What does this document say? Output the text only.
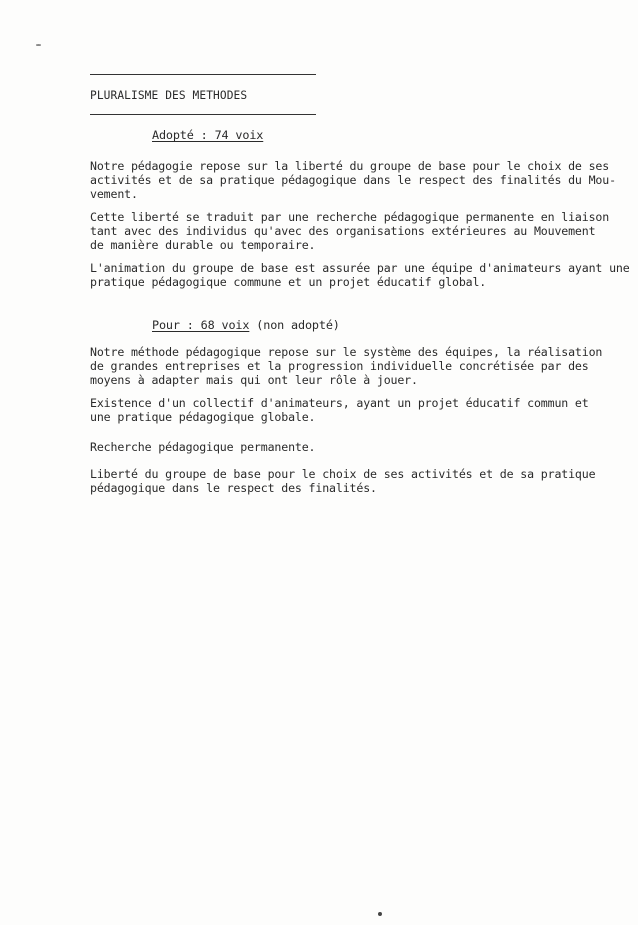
PLURALISME DES METHODES
Adopté : 74 voix
Notre pédagogie repose sur la liberté du groupe de base pour le choix de ses
activités et de sa pratique pédagogique dans le respect des finalités du Mou-
vement.
Cette liberté se traduit par une recherche pédagogique permanente en liaison
tant avec des individus qu'avec des organisations extérieures au Mouvement
de manière durable ou temporaire.
L'animation du groupe de base est assurée par une équipe d'animateurs ayant une
pratique pédagogique commune et un projet éducatif global.
Pour : 68 voix (non adopté)
Notre méthode pédagogique repose sur le système des équipes, la réalisation
de grandes entreprises et la progression individuelle concrétisée par des
moyens à adapter mais qui ont leur rôle à jouer.
Existence d'un collectif d'animateurs, ayant un projet éducatif commun et
une pratique pédagogique globale.
Recherche pédagogique permanente.
Liberté du groupe de base pour le choix de ses activités et de sa pratique
pédagogique dans le respect des finalités.
